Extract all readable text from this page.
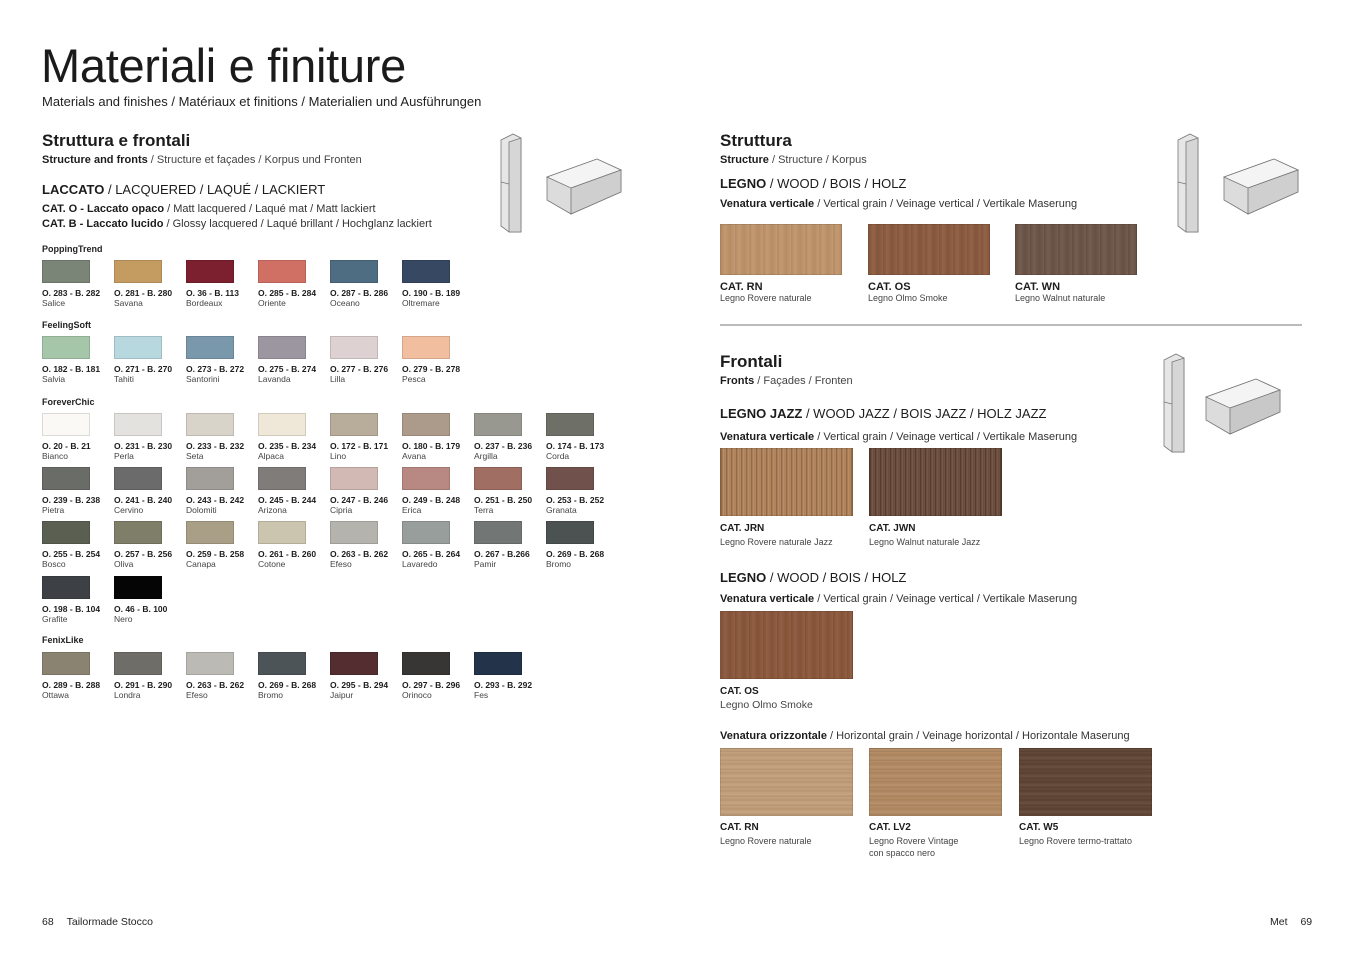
Materiali e finiture
Materials and finishes / Matériaux et finitions / Materialien und Ausführungen
Struttura e frontali
Structure and fronts / Structure et façades / Korpus und Fronten
LACCATO / LACQUERED / LAQUÉ / LACKIERT
CAT. O - Laccato opaco / Matt lacquered / Laqué mat / Matt lackiert
CAT. B - Laccato lucido / Glossy lacquered / Laqué brillant / Hochglanz lackiert
PoppingTrend
O. 283 - B. 282
Salice
O. 281 - B. 280
Savana
O. 36 - B. 113
Bordeaux
O. 285 - B. 284
Oriente
O. 287 - B. 286
Oceano
O. 190 - B. 189
Oltremare
FeelingSoft
O. 182 - B. 181
Salvia
O. 271 - B. 270
Tahiti
O. 273 - B. 272
Santorini
O. 275 - B. 274
Lavanda
O. 277 - B. 276
Lilla
O. 279 - B. 278
Pesca
ForeverChic
O. 20 - B. 21
Bianco
O. 231 - B. 230
Perla
O. 233 - B. 232
Seta
O. 235 - B. 234
Alpaca
O. 172 - B. 171
Lino
O. 180 - B. 179
Avana
O. 237 - B. 236
Argilla
O. 174 - B. 173
Corda
O. 239 - B. 238
Pietra
O. 241 - B. 240
Cervino
O. 243 - B. 242
Dolomiti
O. 245 - B. 244
Arizona
O. 247 - B. 246
Cipria
O. 249 - B. 248
Erica
O. 251 - B. 250
Terra
O. 253 - B. 252
Granata
O. 255 - B. 254
Bosco
O. 257 - B. 256
Oliva
O. 259 - B. 258
Canapa
O. 261 - B. 260
Cotone
O. 263 - B. 262
Efeso
O. 265 - B. 264
Lavaredo
O. 267 - B.266
Pamir
O. 269 - B. 268
Bromo
O. 198 - B. 104
Grafite
O. 46 - B. 100
Nero
FenixLike
O. 289 - B. 288
Ottawa
O. 291 - B. 290
Londra
O. 263 - B. 262
Efeso
O. 269 - B. 268
Bromo
O. 295 - B. 294
Jaipur
O. 297 - B. 296
Orinoco
O. 293 - B. 292
Fes
Struttura
Structure / Structure / Korpus
LEGNO / WOOD / BOIS / HOLZ
Venatura verticale / Vertical grain / Veinage vertical / Vertikale Maserung
CAT. RN
Legno Rovere naturale
CAT. OS
Legno Olmo Smoke
CAT. WN
Legno Walnut naturale
Frontali
Fronts / Façades / Fronten
LEGNO JAZZ / WOOD JAZZ / BOIS JAZZ / HOLZ JAZZ
Venatura verticale / Vertical grain / Veinage vertical / Vertikale Maserung
CAT. JRN
Legno Rovere naturale Jazz
CAT. JWN
Legno Walnut naturale Jazz
LEGNO / WOOD / BOIS / HOLZ
Venatura verticale / Vertical grain / Veinage vertical / Vertikale Maserung
CAT. OS
Legno Olmo Smoke
Venatura orizzontale / Horizontal grain / Veinage horizontal / Horizontale Maserung
CAT. RN
Legno Rovere naturale
CAT. LV2
Legno Rovere Vintage
con spacco nero
CAT. W5
Legno Rovere termo-trattato
68 Tailormade Stocco	Met 69
